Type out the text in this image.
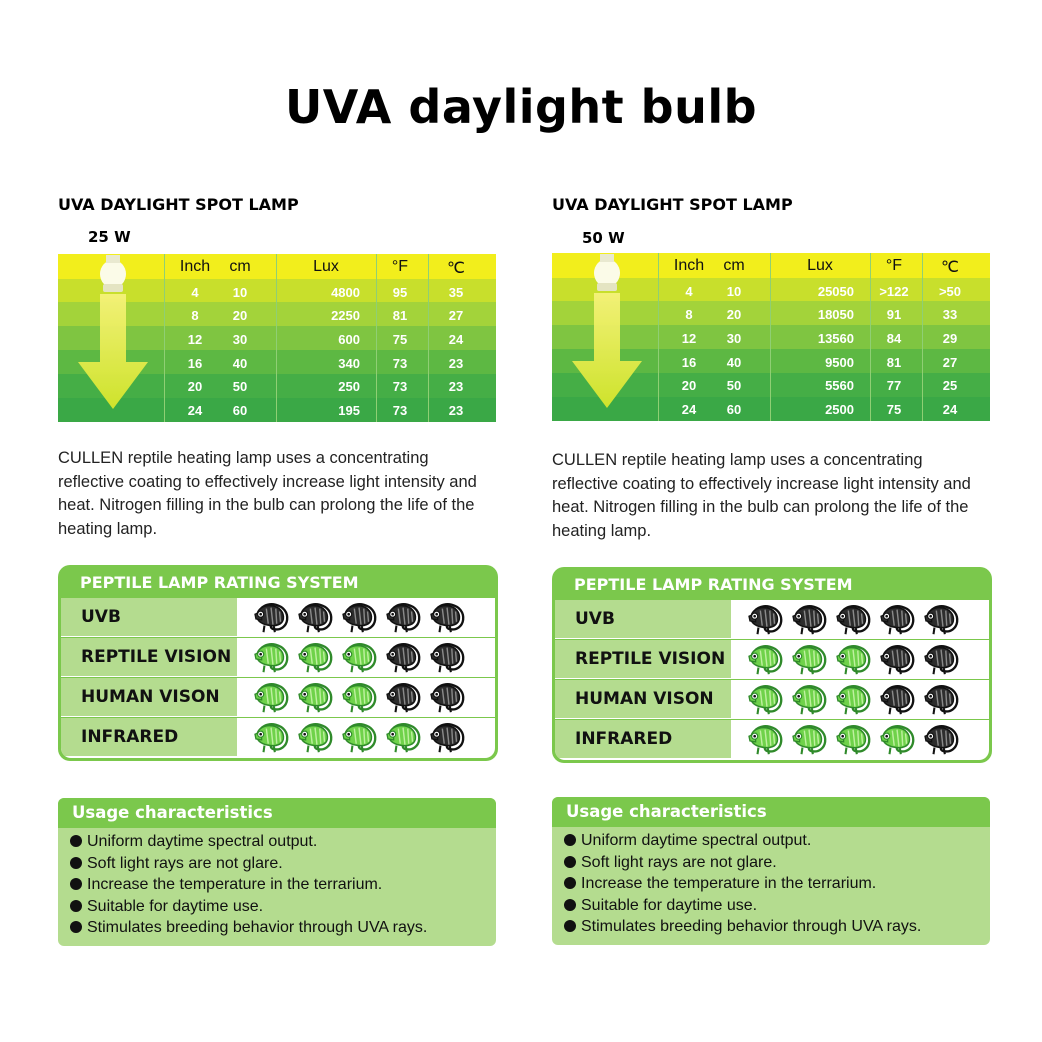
UVA daylight bulb
UVA DAYLIGHT SPOT LAMP
25 W
Inch	cm	Lux	°F	℃
4	10	4800	95	35
8	20	2250	81	27
12	30	600	75	24
16	40	340	73	23
20	50	250	73	23
24	60	195	73	23
CULLEN reptile heating lamp uses a concentrating reflective coating to effectively increase light intensity and heat. Nitrogen filling in the bulb can prolong the life of the heating lamp.
PEPTILE LAMP RATING SYSTEM
UVB
REPTILE VISION
HUMAN VISON
INFRARED
Usage characteristics
Uniform daytime spectral output.
Soft light rays are not glare.
Increase the temperature in the terrarium.
Suitable for daytime use.
Stimulates breeding behavior through UVA rays.
UVA DAYLIGHT SPOT LAMP
50 W
Inch	cm	Lux	°F	℃
4	10	25050	>122	>50
8	20	18050	91	33
12	30	13560	84	29
16	40	9500	81	27
20	50	5560	77	25
24	60	2500	75	24
CULLEN reptile heating lamp uses a concentrating reflective coating to effectively increase light intensity and heat. Nitrogen filling in the bulb can prolong the life of the heating lamp.
PEPTILE LAMP RATING SYSTEM
UVB
REPTILE VISION
HUMAN VISON
INFRARED
Usage characteristics
Uniform daytime spectral output.
Soft light rays are not glare.
Increase the temperature in the terrarium.
Suitable for daytime use.
Stimulates breeding behavior through UVA rays.
